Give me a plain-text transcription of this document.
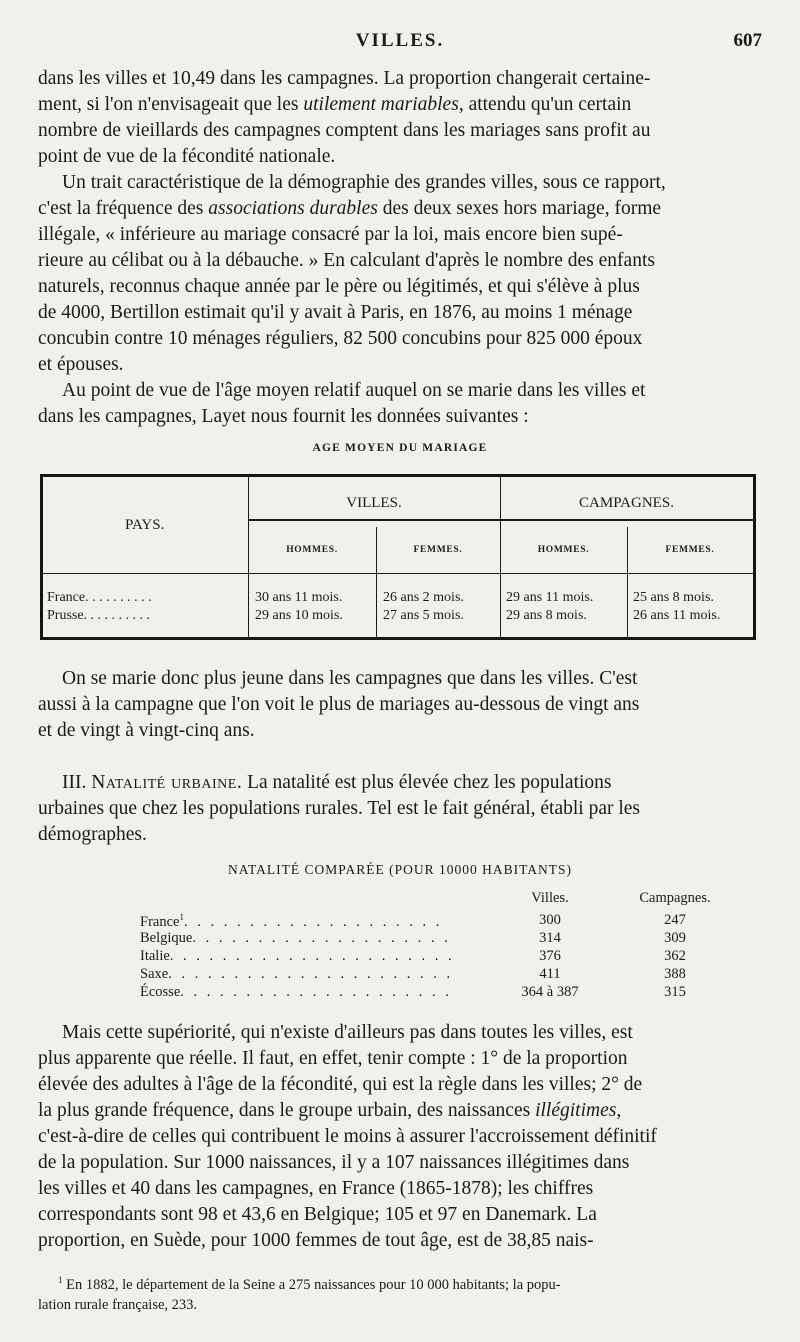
VILLES.	607

dans les villes et 10,49 dans les campagnes. La proportion changerait certaine-

ment, si l'on n'envisageait que les utilement mariables, attendu qu'un certain

nombre de vieillards des campagnes comptent dans les mariages sans profit au

point de vue de la fécondité nationale.

Un trait caractéristique de la démographie des grandes villes, sous ce rapport,

c'est la fréquence des associations durables des deux sexes hors mariage, forme

illégale, « inférieure au mariage consacré par la loi, mais encore bien supé-

rieure au célibat ou à la débauche. » En calculant d'après le nombre des enfants

naturels, reconnus chaque année par le père ou légitimés, et qui s'élève à plus

de 4000, Bertillon estimait qu'il y avait à Paris, en 1876, au moins 1 ménage

concubin contre 10 ménages réguliers, 82 500 concubins pour 825 000 époux

et épouses.

Au point de vue de l'âge moyen relatif auquel on se marie dans les villes et

dans les campagnes, Layet nous fournit les données suivantes :

AGE MOYEN DU MARIAGE
PAYS.
VILLES.	CAMPAGNES.
HOMMES.	FEMMES.	HOMMES.	FEMMES.
France. . . . . . . . . .	30 ans 11 mois.	26 ans 2 mois.	29 ans 11 mois.	25 ans 8 mois.
Prusse. . . . . . . . . .	29 ans 10 mois.	27 ans 5 mois.	29 ans 8 mois.	26 ans 11 mois.

On se marie donc plus jeune dans les campagnes que dans les villes. C'est

aussi à la campagne que l'on voit le plus de mariages au-dessous de vingt ans

et de vingt à vingt-cinq ans.

III. Natalité urbaine. La natalité est plus élevée chez les populations

urbaines que chez les populations rurales. Tel est le fait général, établi par les

démographes.

NATALITÉ COMPARÉE (POUR 10000 HABITANTS)
Villes.	Campagnes.
France$^1$. . . . . . . . . . . . . . . . . . . .	300	247
Belgique. . . . . . . . . . . . . . . . . . . .	314	309
Italie. . . . . . . . . . . . . . . . . . . . . .	376	362
Saxe. . . . . . . . . . . . . . . . . . . . . .	411	388
Écosse. . . . . . . . . . . . . . . . . . . . .	364 à 387	315

Mais cette supériorité, qui n'existe d'ailleurs pas dans toutes les villes, est

plus apparente que réelle. Il faut, en effet, tenir compte : 1° de la proportion

élevée des adultes à l'âge de la fécondité, qui est la règle dans les villes; 2° de

la plus grande fréquence, dans le groupe urbain, des naissances illégitimes,

c'est-à-dire de celles qui contribuent le moins à assurer l'accroissement définitif

de la population. Sur 1000 naissances, il y a 107 naissances illégitimes dans

les villes et 40 dans les campagnes, en France (1865-1878); les chiffres

correspondants sont 98 et 43,6 en Belgique; 105 et 97 en Danemark. La

proportion, en Suède, pour 1000 femmes de tout âge, est de 38,85 nais-

$^1$ En 1882, le département de la Seine a 275 naissances pour 10 000 habitants; la popu-
lation rurale française, 233.
